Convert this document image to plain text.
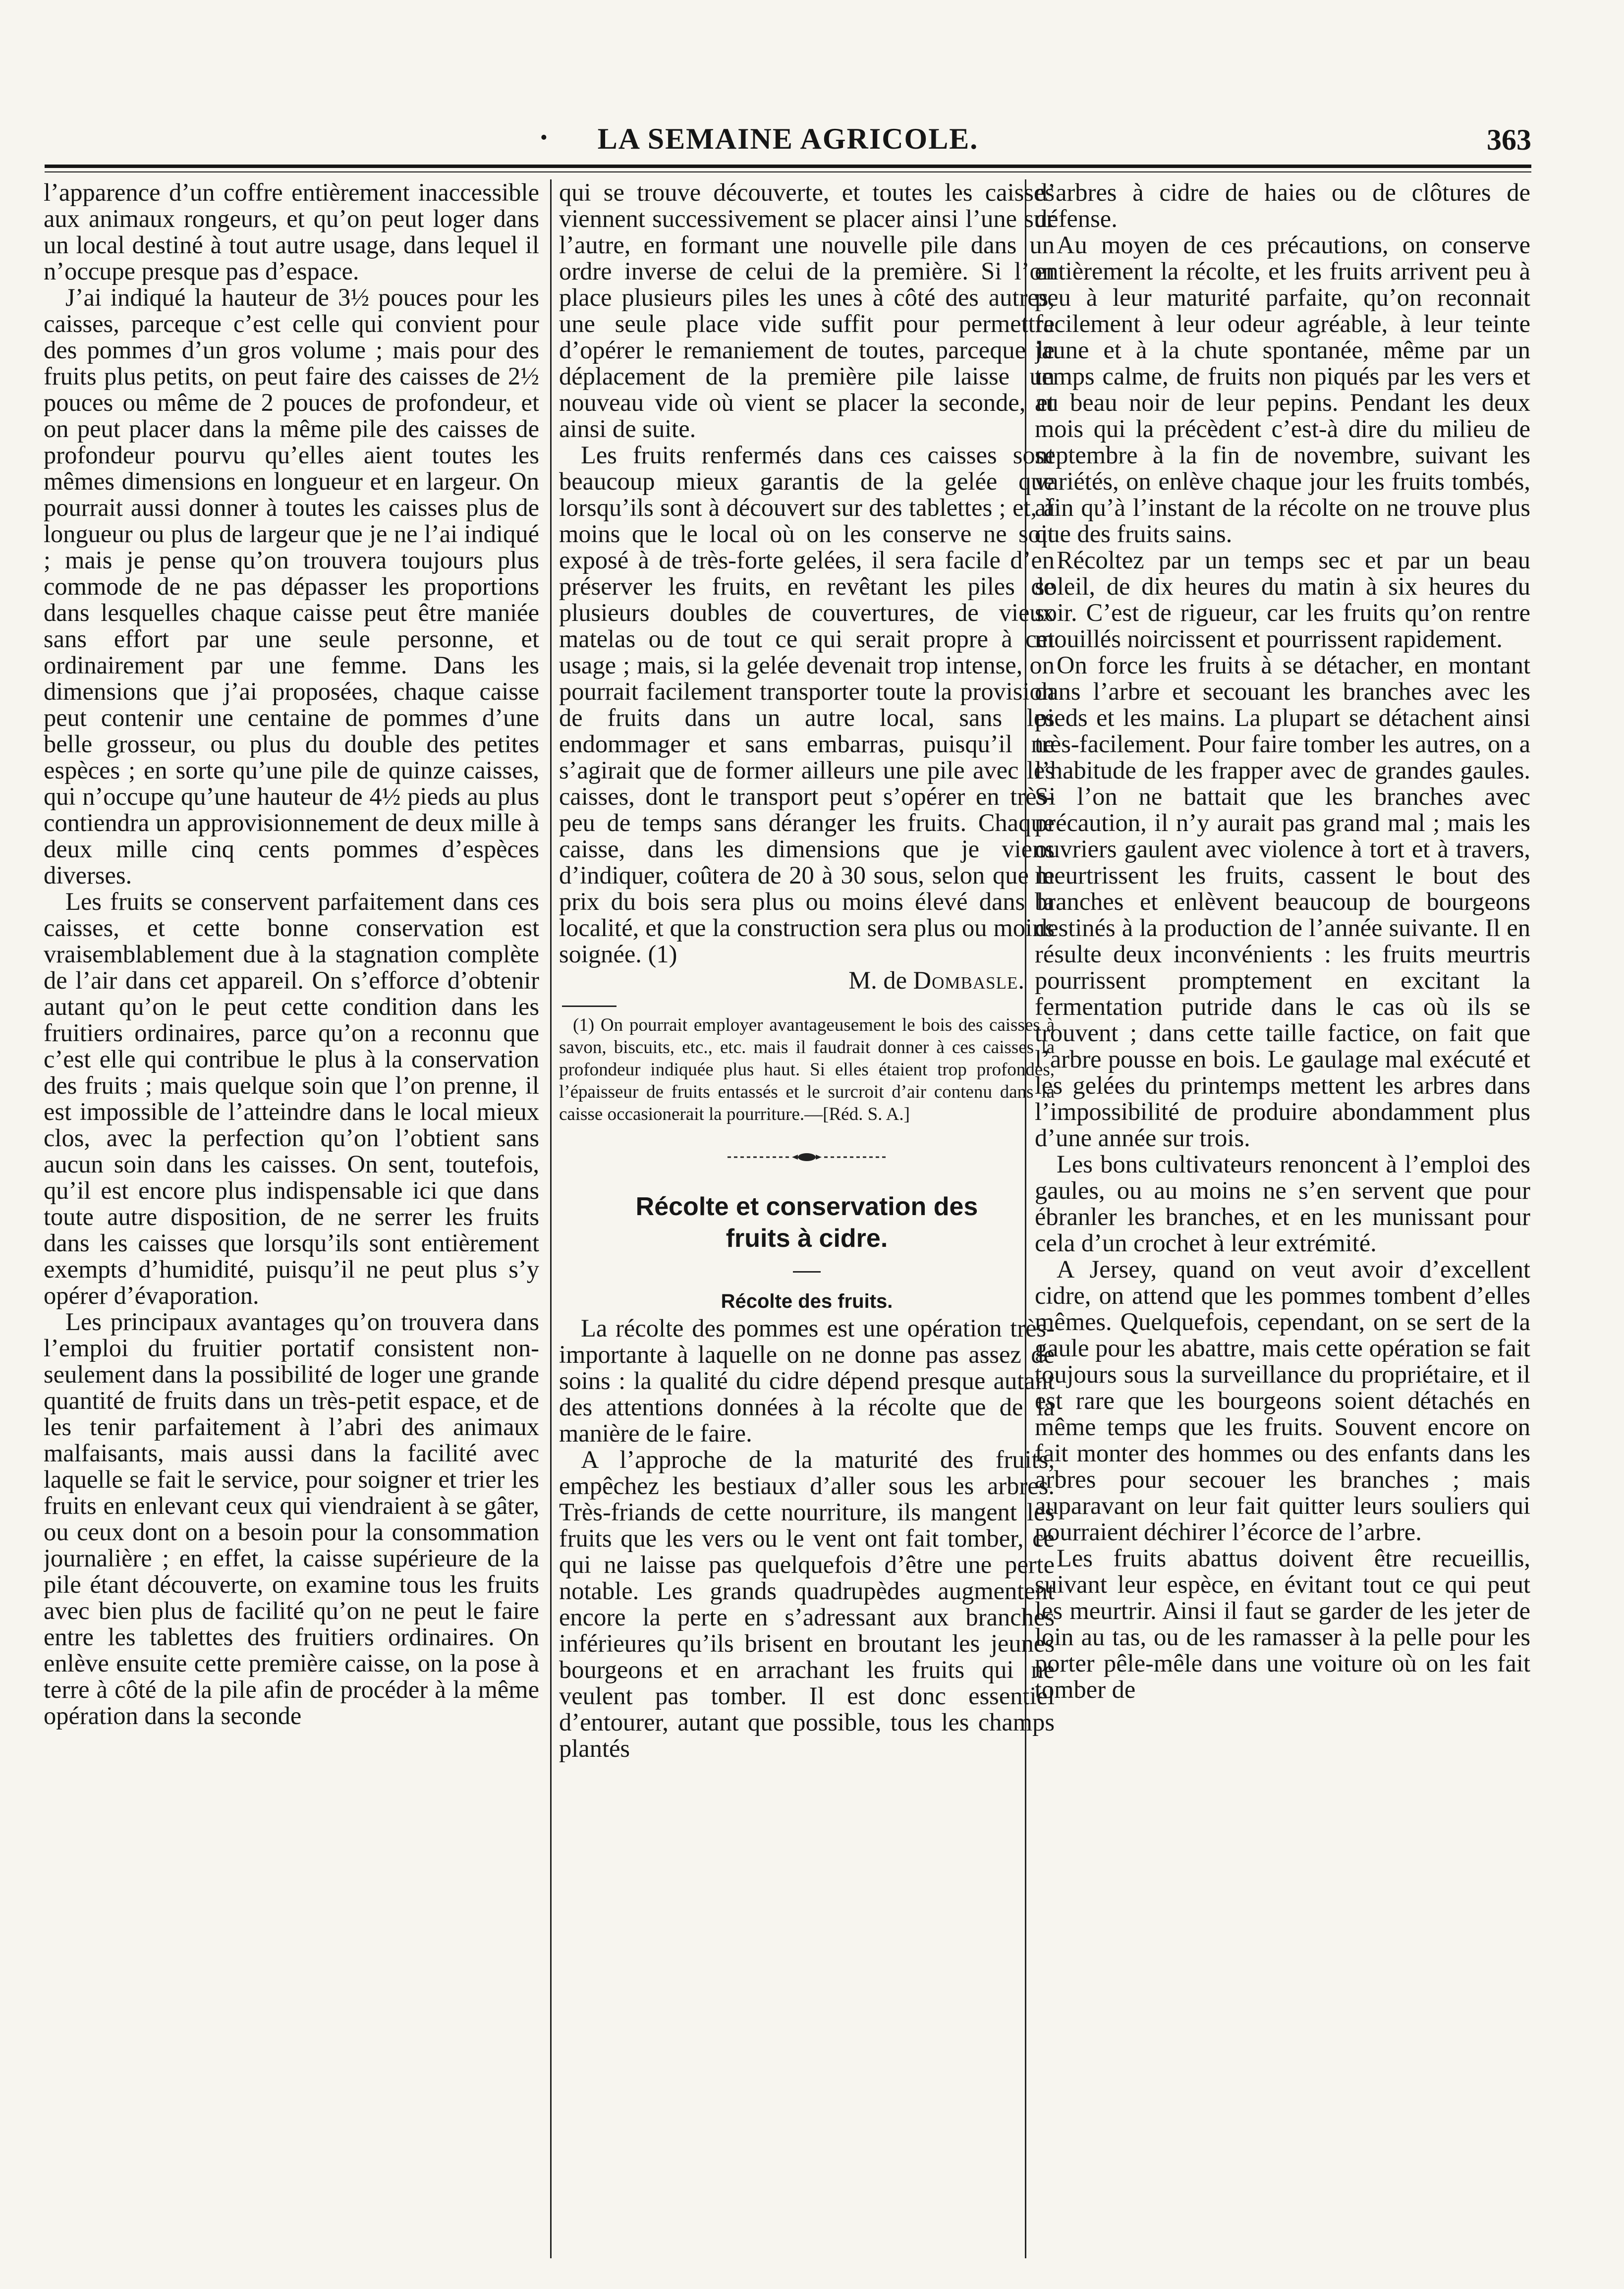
•	LA SEMAINE AGRICOLE.	363

l’apparence d’un coffre entièrement inaccessible aux animaux rongeurs, et qu’on peut loger dans un local destiné à tout autre usage, dans lequel il n’occupe presque pas d’espace.

J’ai indiqué la hauteur de 3½ pouces pour les caisses, parceque c’est celle qui convient pour des pommes d’un gros volume ; mais pour des fruits plus petits, on peut faire des caisses de 2½ pouces ou même de 2 pouces de profondeur, et on peut placer dans la même pile des caisses de profondeur pourvu qu’elles aient toutes les mêmes dimensions en longueur et en largeur. On pourrait aussi donner à toutes les caisses plus de longueur ou plus de largeur que je ne l’ai indiqué ; mais je pense qu’on trouvera toujours plus commode de ne pas dépasser les proportions dans lesquelles chaque caisse peut être maniée sans effort par une seule personne, et ordinairement par une femme. Dans les dimensions que j’ai proposées, chaque caisse peut contenir une centaine de pommes d’une belle grosseur, ou plus du double des petites espèces ; en sorte qu’une pile de quinze caisses, qui n’occupe qu’une hauteur de 4½ pieds au plus contiendra un approvisionnement de deux mille à deux mille cinq cents pommes d’espèces diverses.

Les fruits se conservent parfaitement dans ces caisses, et cette bonne conservation est vraisemblablement due à la stagnation complète de l’air dans cet appareil. On s’efforce d’obtenir autant qu’on le peut cette condition dans les fruitiers ordinaires, parce qu’on a reconnu que c’est elle qui contribue le plus à la conservation des fruits ; mais quelque soin que l’on prenne, il est impossible de l’atteindre dans le local mieux clos, avec la perfection qu’on l’obtient sans aucun soin dans les caisses. On sent, toutefois, qu’il est encore plus indispensable ici que dans toute autre disposition, de ne serrer les fruits dans les caisses que lorsqu’ils sont entièrement exempts d’humidité, puisqu’il ne peut plus s’y opérer d’évaporation.

Les principaux avantages qu’on trouvera dans l’emploi du fruitier portatif consistent non-seulement dans la possibilité de loger une grande quantité de fruits dans un très-petit espace, et de les tenir parfaitement à l’abri des animaux malfaisants, mais aussi dans la facilité avec laquelle se fait le service, pour soigner et trier les fruits en enlevant ceux qui viendraient à se gâter, ou ceux dont on a besoin pour la consommation journalière ; en effet, la caisse supérieure de la pile étant découverte, on examine tous les fruits avec bien plus de facilité qu’on ne peut le faire entre les tablettes des fruitiers ordinaires. On enlève ensuite cette première caisse, on la pose à terre à côté de la pile afin de procéder à la même opération dans la seconde

qui se trouve découverte, et toutes les caisses viennent successivement se placer ainsi l’une sur l’autre, en formant une nouvelle pile dans un ordre inverse de celui de la première. Si l’on place plusieurs piles les unes à côté des autres, une seule place vide suffit pour permettre d’opérer le remaniement de toutes, parceque le déplacement de la première pile laisse un nouveau vide où vient se placer la seconde, et ainsi de suite.

Les fruits renfermés dans ces caisses sont beaucoup mieux garantis de la gelée que lorsqu’ils sont à découvert sur des tablettes ; et, à moins que le local où on les conserve ne soit exposé à de très-forte gelées, il sera facile d’en préserver les fruits, en revêtant les piles de plusieurs doubles de couvertures, de vieux matelas ou de tout ce qui serait propre à cet usage ; mais, si la gelée devenait trop intense, on pourrait facilement transporter toute la provision de fruits dans un autre local, sans les endommager et sans embarras, puisqu’il ne s’agirait que de former ailleurs une pile avec les caisses, dont le transport peut s’opérer en très-peu de temps sans déranger les fruits. Chaque caisse, dans les dimensions que je viens d’indiquer, coûtera de 20 à 30 sous, selon que le prix du bois sera plus ou moins élevé dans la localité, et que la construction sera plus ou moins soignée. (1)

M. de Dombasle.

(1) On pourrait employer avantageusement le bois des caisses à savon, biscuits, etc., etc. mais il faudrait donner à ces caisses la profondeur indiquée plus haut. Si elles étaient trop profondes, l’épaisseur de fruits entassés et le surcroit d’air contenu dans la caisse occasionerait la pourriture.—[Réd. S. A.]

Récolte et conservation des

fruits à cidre.

Récolte des fruits.

La récolte des pommes est une opération très-importante à laquelle on ne donne pas assez de soins : la qualité du cidre dépend presque autant des attentions données à la récolte que de la manière de le faire.

A l’approche de la maturité des fruits, empêchez les bestiaux d’aller sous les arbres. Très-friands de cette nourriture, ils mangent les fruits que les vers ou le vent ont fait tomber, ce qui ne laisse pas quelquefois d’être une perte notable. Les grands quadrupèdes augmentent encore la perte en s’adressant aux branches inférieures qu’ils brisent en broutant les jeunes bourgeons et en arrachant les fruits qui ne veulent pas tomber. Il est donc essentiel d’entourer, autant que possible, tous les champs plantés

d’arbres à cidre de haies ou de clôtures de défense.

Au moyen de ces précautions, on conserve entièrement la récolte, et les fruits arrivent peu à peu à leur maturité parfaite, qu’on reconnait facilement à leur odeur agréable, à leur teinte jaune et à la chute spontanée, même par un temps calme, de fruits non piqués par les vers et au beau noir de leur pepins. Pendant les deux mois qui la précèdent c’est-à dire du milieu de septembre à la fin de novembre, suivant les variétés, on enlève chaque jour les fruits tombés, afin qu’à l’instant de la récolte on ne trouve plus que des fruits sains.

Récoltez par un temps sec et par un beau soleil, de dix heures du matin à six heures du soir. C’est de rigueur, car les fruits qu’on rentre mouillés noircissent et pourrissent rapidement.

On force les fruits à se détacher, en montant dans l’arbre et secouant les branches avec les pieds et les mains. La plupart se détachent ainsi très-facilement. Pour faire tomber les autres, on a l’habitude de les frapper avec de grandes gaules. Si l’on ne battait que les branches avec précaution, il n’y aurait pas grand mal ; mais les ouvriers gaulent avec violence à tort et à travers, meurtrissent les fruits, cassent le bout des branches et enlèvent beaucoup de bourgeons destinés à la production de l’année suivante. Il en résulte deux inconvénients : les fruits meurtris pourrissent promptement en excitant la fermentation putride dans le cas où ils se trouvent ; dans cette taille factice, on fait que l’arbre pousse en bois. Le gaulage mal exécuté et les gelées du printemps mettent les arbres dans l’impossibilité de produire abondamment plus d’une année sur trois.

Les bons cultivateurs renoncent à l’emploi des gaules, ou au moins ne s’en servent que pour ébranler les branches, et en les munissant pour cela d’un crochet à leur extrémité.

A Jersey, quand on veut avoir d’excellent cidre, on attend que les pommes tombent d’elles mêmes. Quelquefois, cependant, on se sert de la gaule pour les abattre, mais cette opération se fait toujours sous la surveillance du propriétaire, et il est rare que les bourgeons soient détachés en même temps que les fruits. Souvent encore on fait monter des hommes ou des enfants dans les arbres pour secouer les branches ; mais auparavant on leur fait quitter leurs souliers qui pourraient déchirer l’écorce de l’arbre.

Les fruits abattus doivent être recueillis, suivant leur espèce, en évitant tout ce qui peut les meurtrir. Ainsi il faut se garder de les jeter de loin au tas, ou de les ramasser à la pelle pour les porter pêle-mêle dans une voiture où on les fait tomber de
